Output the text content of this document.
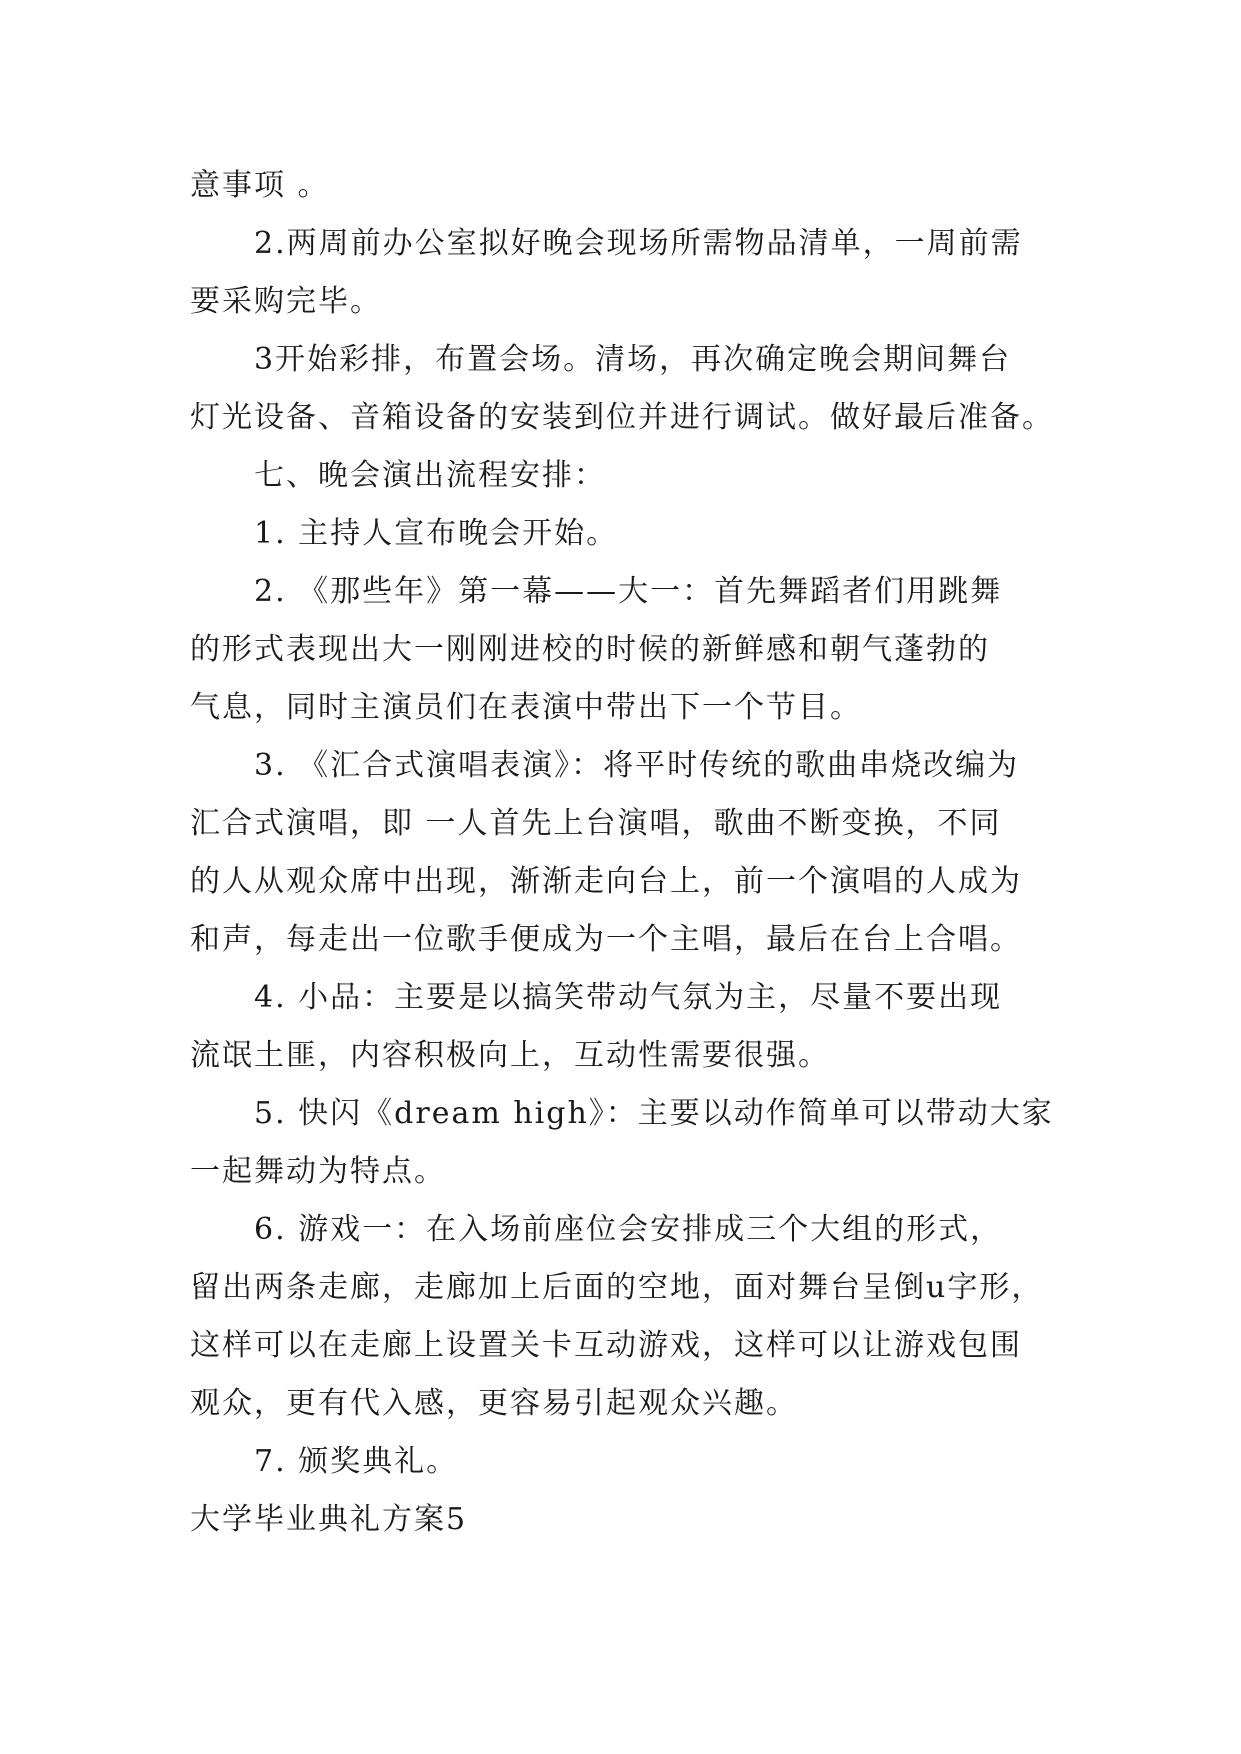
意事项 。
2.两周前办公室拟好晚会现场所需物品清单，一周前需
要采购完毕。
3开始彩排，布置会场。清场，再次确定晚会期间舞台
灯光设备、音箱设备的安装到位并进行调试。做好最后准备。
七、晚会演出流程安排：
1. 主持人宣布晚会开始。
2. 《那些年》第一幕——大一：首先舞蹈者们用跳舞
的形式表现出大一刚刚进校的时候的新鲜感和朝气蓬勃的
气息，同时主演员们在表演中带出下一个节目。
3. 《汇合式演唱表演》：将平时传统的歌曲串烧改编为
汇合式演唱，即 一人首先上台演唱，歌曲不断变换，不同
的人从观众席中出现，渐渐走向台上，前一个演唱的人成为
和声，每走出一位歌手便成为一个主唱，最后在台上合唱。
4. 小品：主要是以搞笑带动气氛为主，尽量不要出现
流氓土匪，内容积极向上，互动性需要很强。
5. 快闪《dream high》：主要以动作简单可以带动大家
一起舞动为特点。
6. 游戏一：在入场前座位会安排成三个大组的形式，
留出两条走廊，走廊加上后面的空地，面对舞台呈倒u字形，
这样可以在走廊上设置关卡互动游戏，这样可以让游戏包围
观众，更有代入感，更容易引起观众兴趣。
7. 颁奖典礼。
大学毕业典礼方案5
